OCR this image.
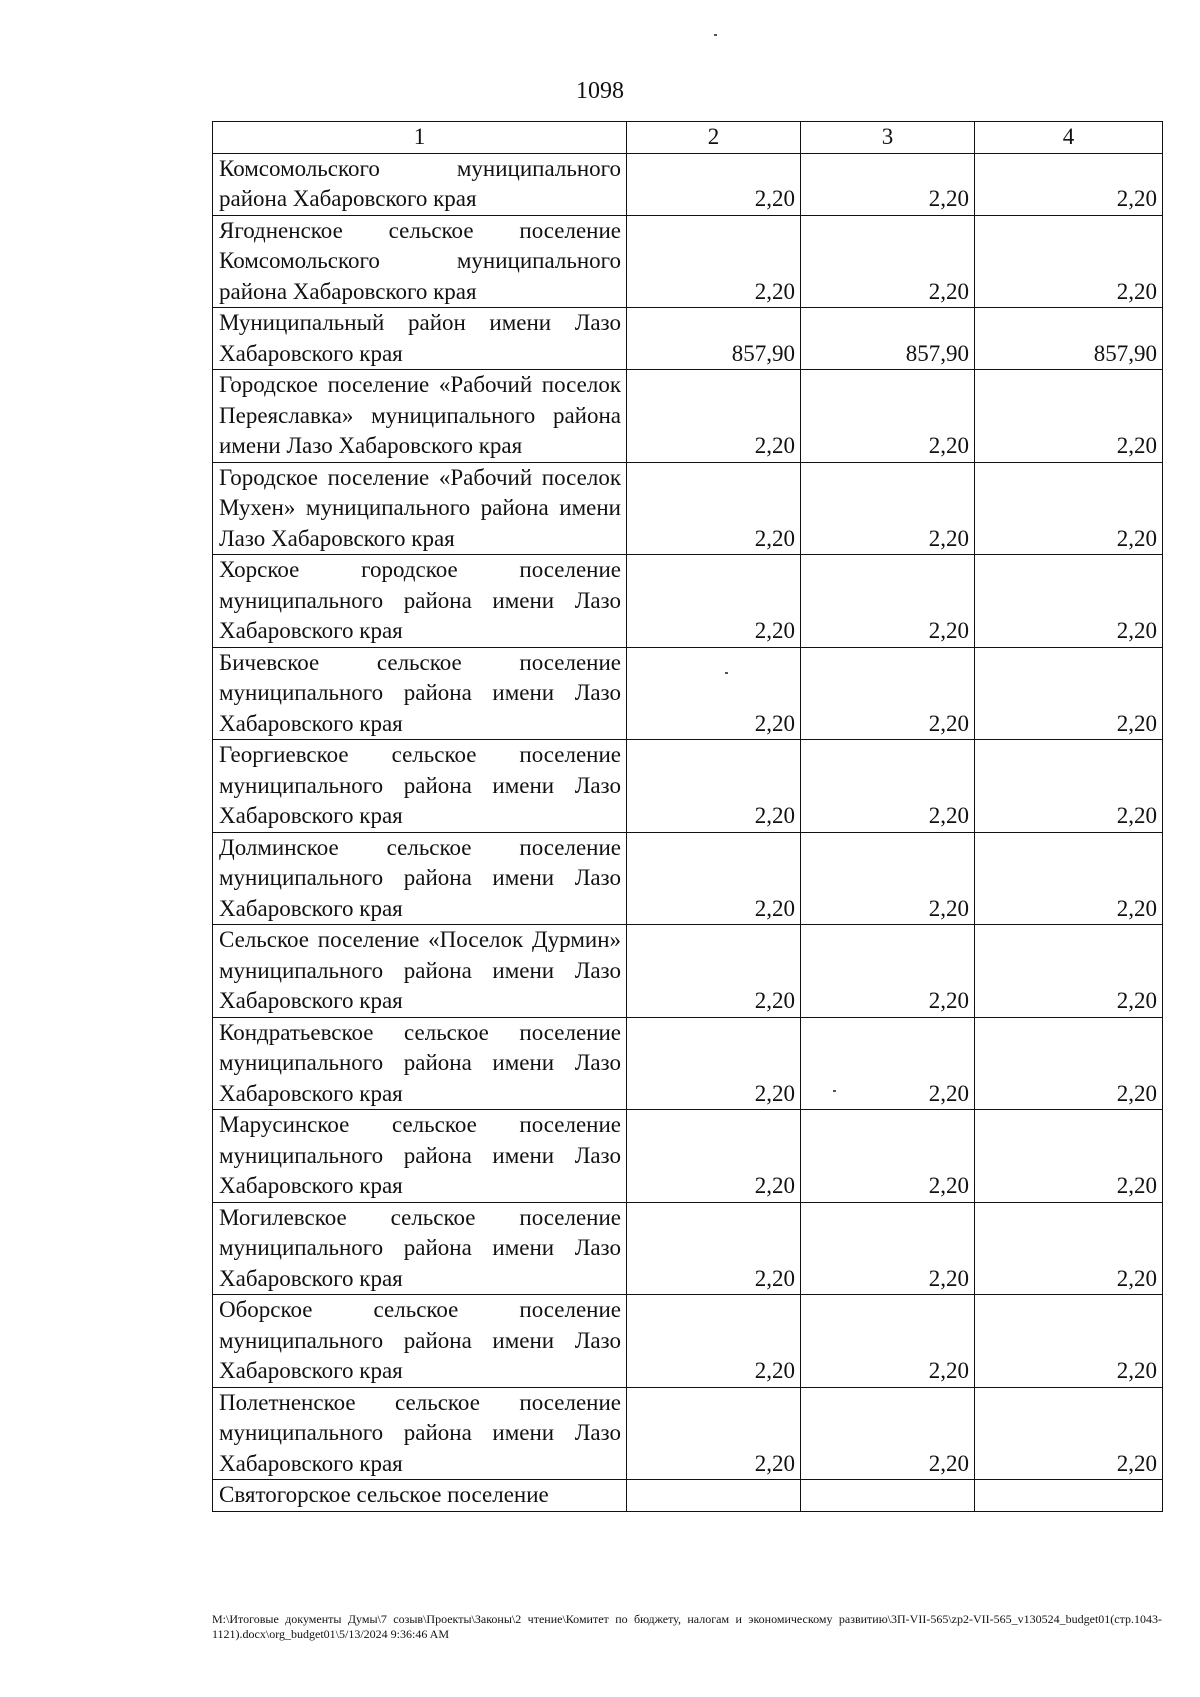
1098
1	2	3	4
Комсомольского муниципального района Хабаровского края	2,20	2,20	2,20
Ягодненское сельское поселение Комсомольского муниципального района Хабаровского края	2,20	2,20	2,20
Муниципальный район имени Лазо Хабаровского края	857,90	857,90	857,90
Городское поселение «Рабочий поселок Переяславка» муниципального района имени Лазо Хабаровского края	2,20	2,20	2,20
Городское поселение «Рабочий поселок Мухен» муниципального района имени Лазо Хабаровского края	2,20	2,20	2,20
Хорское городское поселение муниципального района имени Лазо Хабаровского края	2,20	2,20	2,20
Бичевское сельское поселение муниципального района имени Лазо Хабаровского края	2,20	2,20	2,20
Георгиевское сельское поселение муниципального района имени Лазо Хабаровского края	2,20	2,20	2,20
Долминское сельское поселение муниципального района имени Лазо Хабаровского края	2,20	2,20	2,20
Сельское поселение «Поселок Дурмин» муниципального района имени Лазо Хабаровского края	2,20	2,20	2,20
Кондратьевское сельское поселение муниципального района имени Лазо Хабаровского края	2,20	2,20	2,20
Марусинское сельское поселение муниципального района имени Лазо Хабаровского края	2,20	2,20	2,20
Могилевское сельское поселение муниципального района имени Лазо Хабаровского края	2,20	2,20	2,20
Оборское сельское поселение муниципального района имени Лазо Хабаровского края	2,20	2,20	2,20
Полетненское сельское поселение муниципального района имени Лазо Хабаровского края	2,20	2,20	2,20
Святогорское сельское поселение			
M:\Итоговые документы Думы\7 созыв\Проекты\Законы\2 чтение\Комитет по бюджету, налогам и экономическому развитию\3П-VII-565\zp2-VII-565_v130524_budget01(стр.1043-1121).docx\org_budget01\5/13/2024 9:36:46 AM
